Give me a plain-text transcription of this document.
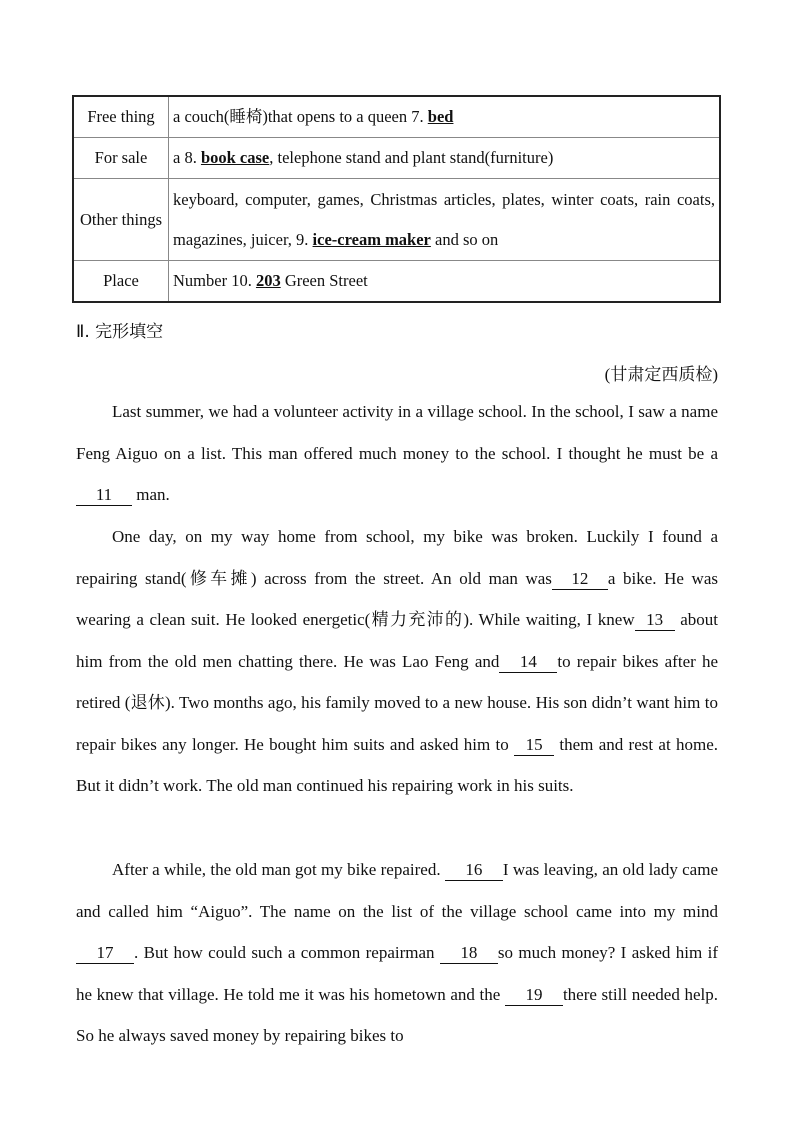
Free thing	a couch(睡椅)that opens to a queen 7. bed
For sale	a 8. book case, telephone stand and plant stand(furniture)
Other things	keyboard, computer, games, Christmas articles, plates, winter coats, rain coats, magazines, juicer, 9. ice-cream maker and so on
Place	Number 10. 203 Green Street
Ⅱ. 完形填空
(甘肃定西质检)

Last summer, we had a volunteer activity in a village school. In the school, I saw a name Feng Aiguo on a list. This man offered much money to the school. I thought he must be a11 man.

One day, on my way home from school, my bike was broken. Luckily I found a repairing stand(修车摊) across from the street. An old man was 12 a bike. He was wearing a clean suit. He looked energetic(精力充沛的). While waiting, I knew 13 about him from the old men chatting there. He was Lao Feng and 14 to repair bikes after he retired (退休). Two months ago, his family moved to a new house. His son didn’t want him to repair bikes any longer. He bought him suits and asked him to 15 them and rest at home. But it didn’t work. The old man continued his repairing work in his suits.

After a while, the old man got my bike repaired. 16 I was leaving, an old lady came and called him “Aiguo”. The name on the list of the village school came into my mind 17 . But how could such a common repairman 18 so much money? I asked him if he knew that village. He told me it was his hometown and the 19 there still needed help. So he always saved money by repairing bikes to
